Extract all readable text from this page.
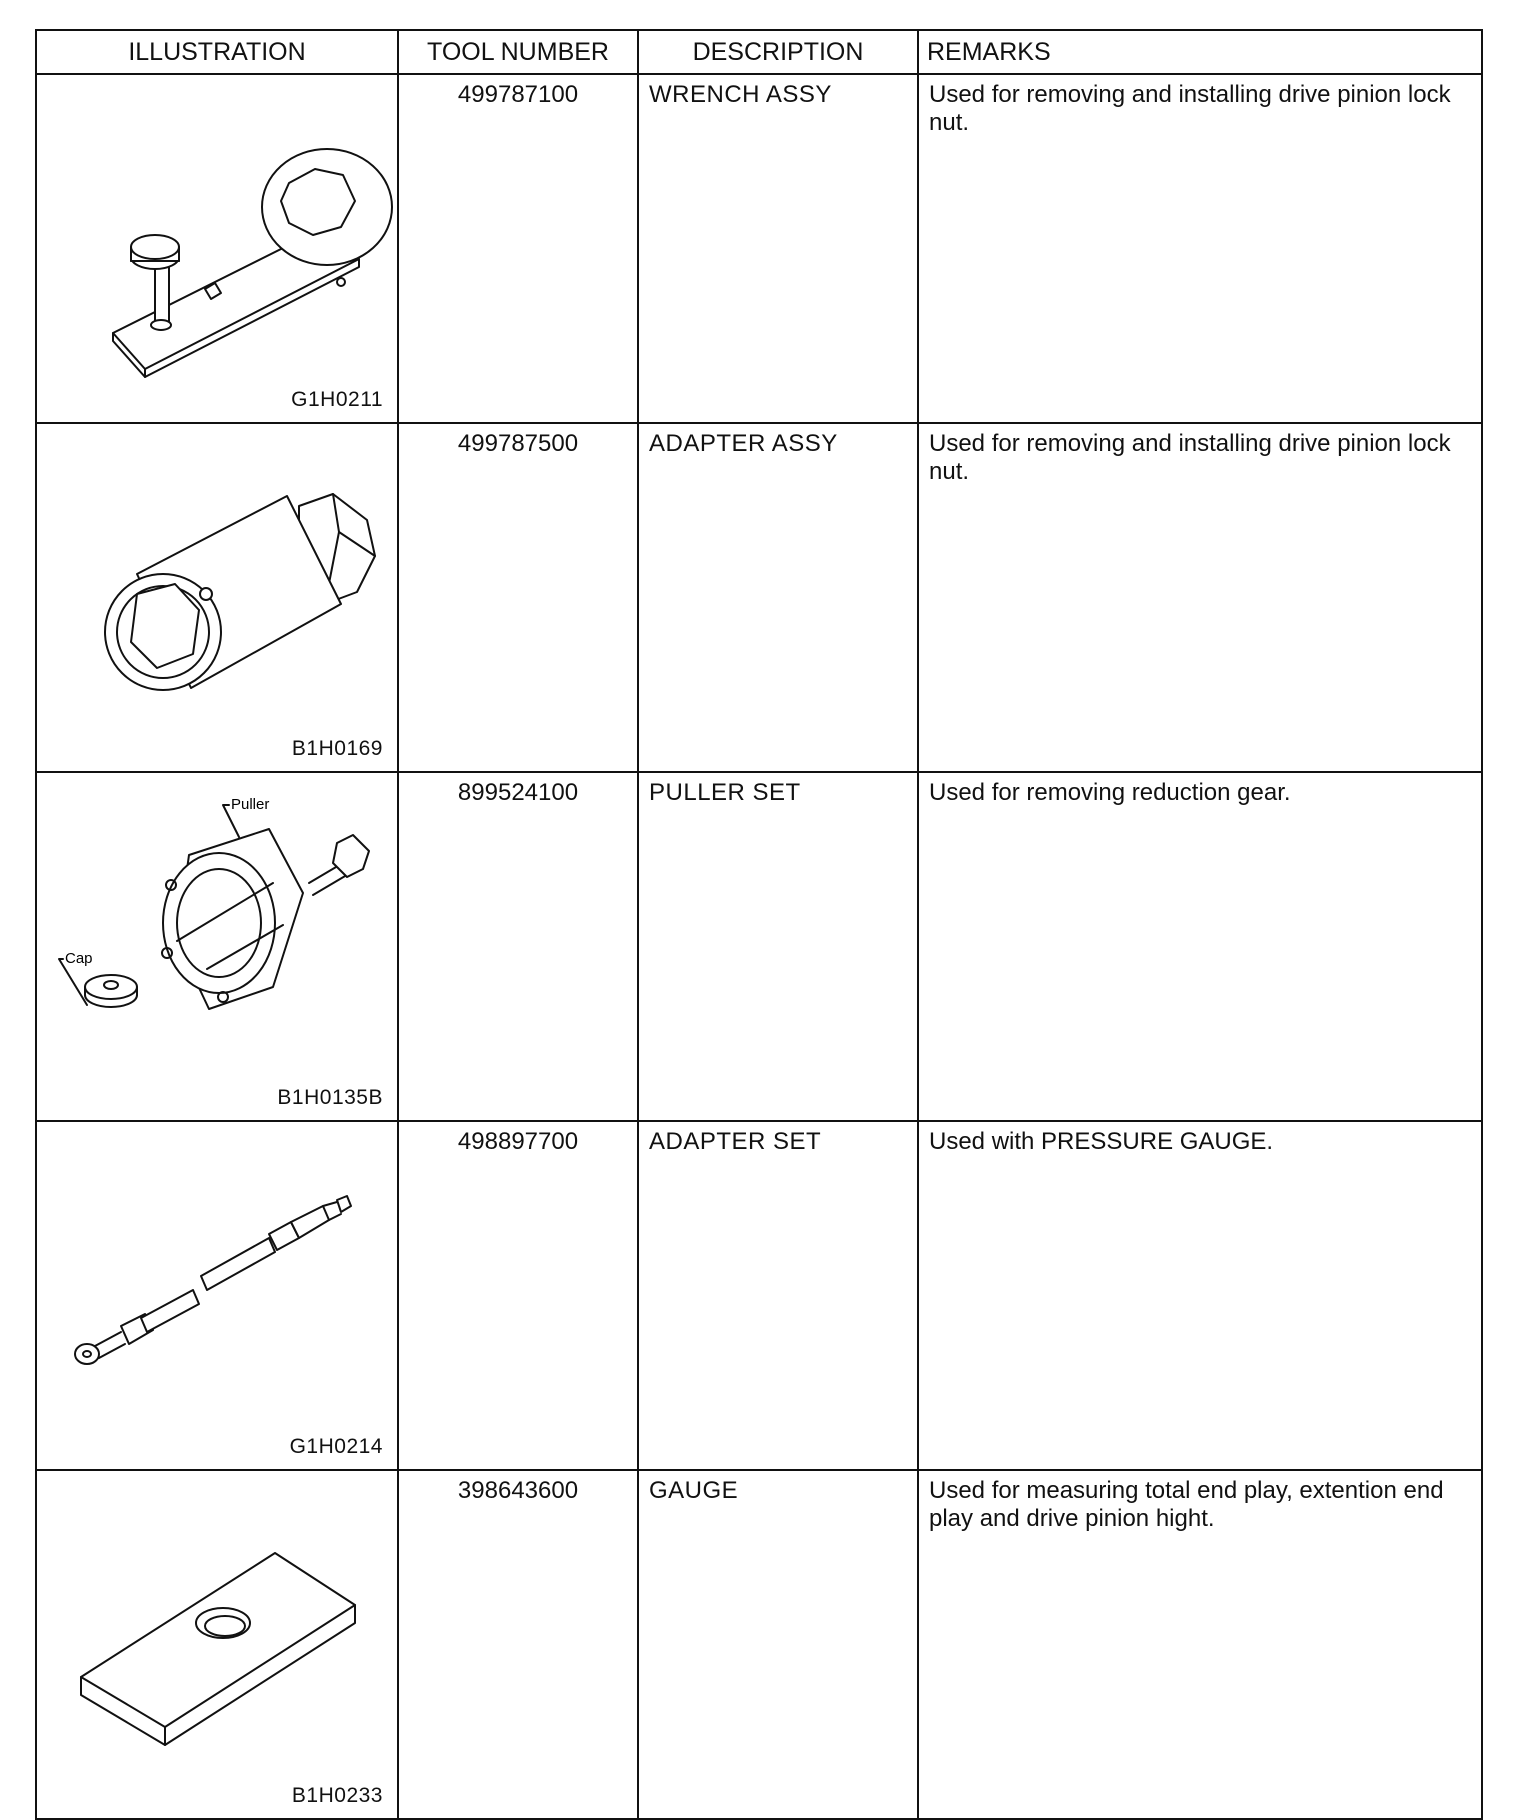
ILLUSTRATION	TOOL NUMBER	DESCRIPTION	REMARKS

G1H0211	499787100	WRENCH ASSY	Used for removing and installing drive pinion lock nut.

B1H0169	499787500	ADAPTER ASSY	Used for removing and installing drive pinion lock nut.

Puller
Cap
B1H0135B	899524100	PULLER SET	Used for removing reduction gear.

G1H0214	498897700	ADAPTER SET	Used with PRESSURE GAUGE.

B1H0233	398643600	GAUGE	Used for measuring total end play, extention end play and drive pinion hight.
